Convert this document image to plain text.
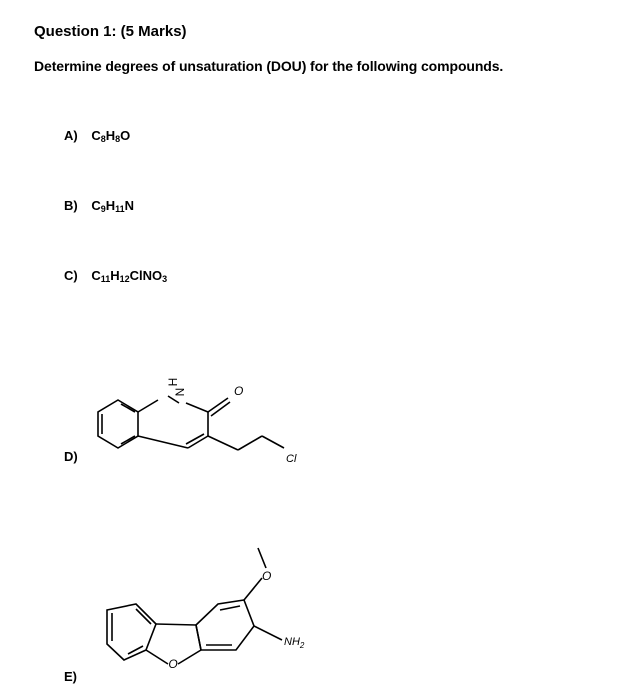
Question 1: (5 Marks)
Determine degrees of unsaturation (DOU) for the following compounds.
A) $C_8H_8O$
B) $C_9H_{11}N$
C) $C_{11}H_{12}ClNO_3$
D)
H
N	O
Cl
E)
O
O
$NH_2$
